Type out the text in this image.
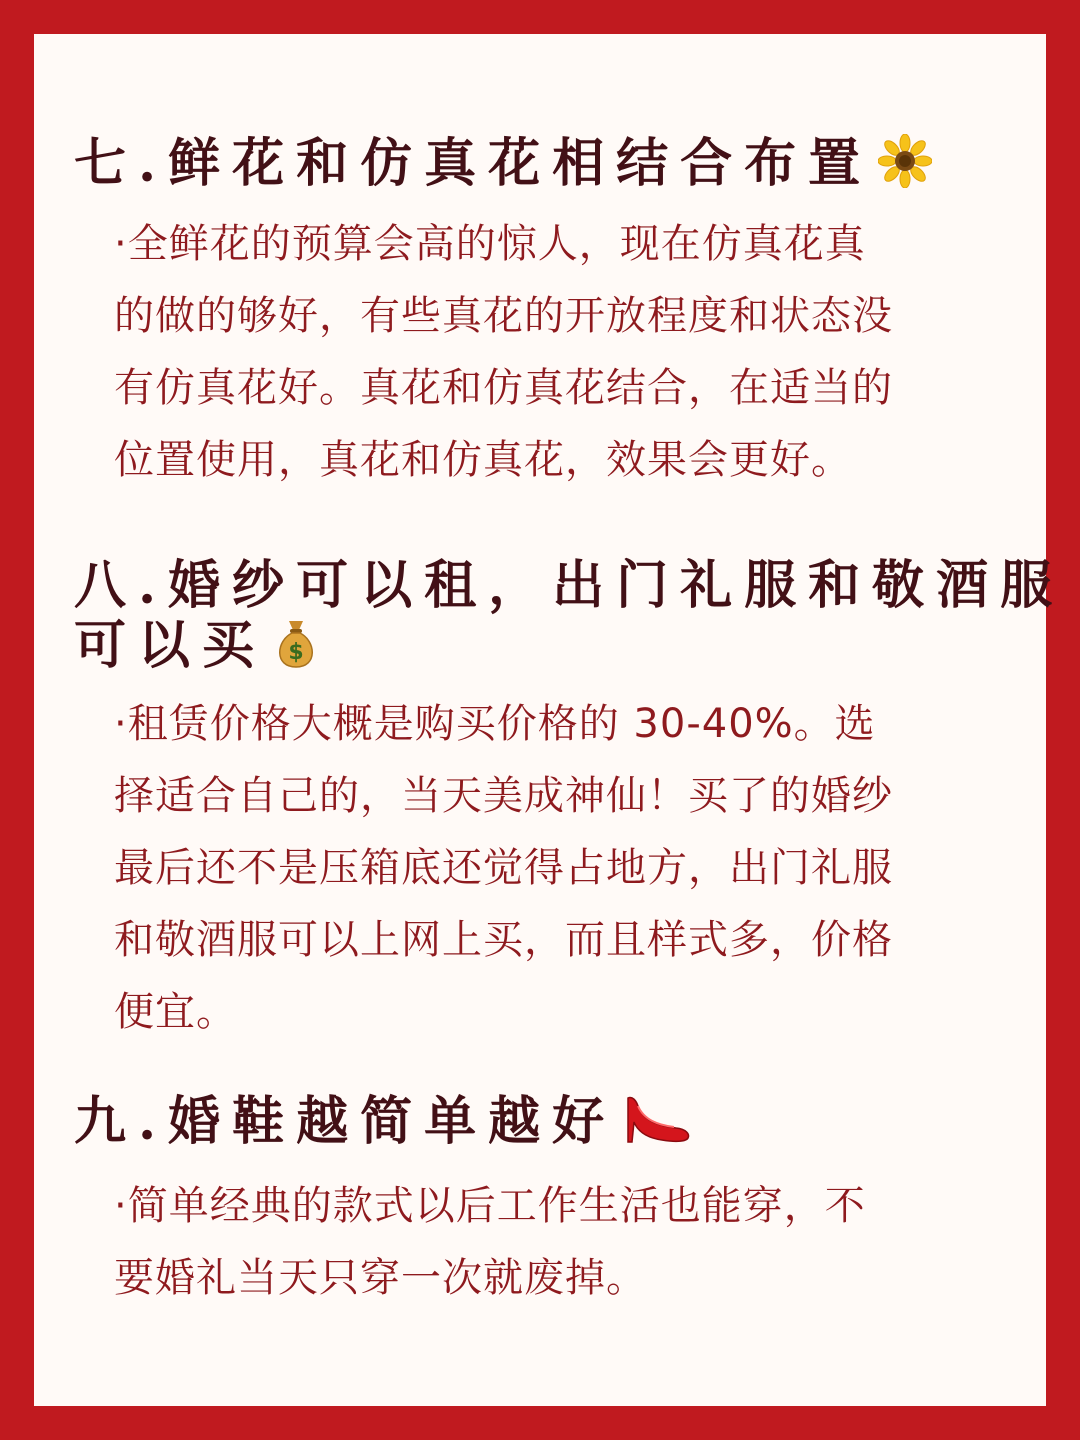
七.鲜花和仿真花相结合布置

·全鲜花的预算会高的惊人，现在仿真花真
的做的够好，有些真花的开放程度和状态没
有仿真花好。真花和仿真花结合，在适当的
位置使用，真花和仿真花，效果会更好。

八.婚纱可以租，出门礼服和敬酒服
可以买 $

·租赁价格大概是购买价格的 30-40%。选
择适合自己的，当天美成神仙！买了的婚纱
最后还不是压箱底还觉得占地方，出门礼服
和敬酒服可以上网上买，而且样式多，价格
便宜。

九.婚鞋越简单越好

·简单经典的款式以后工作生活也能穿，不
要婚礼当天只穿一次就废掉。
